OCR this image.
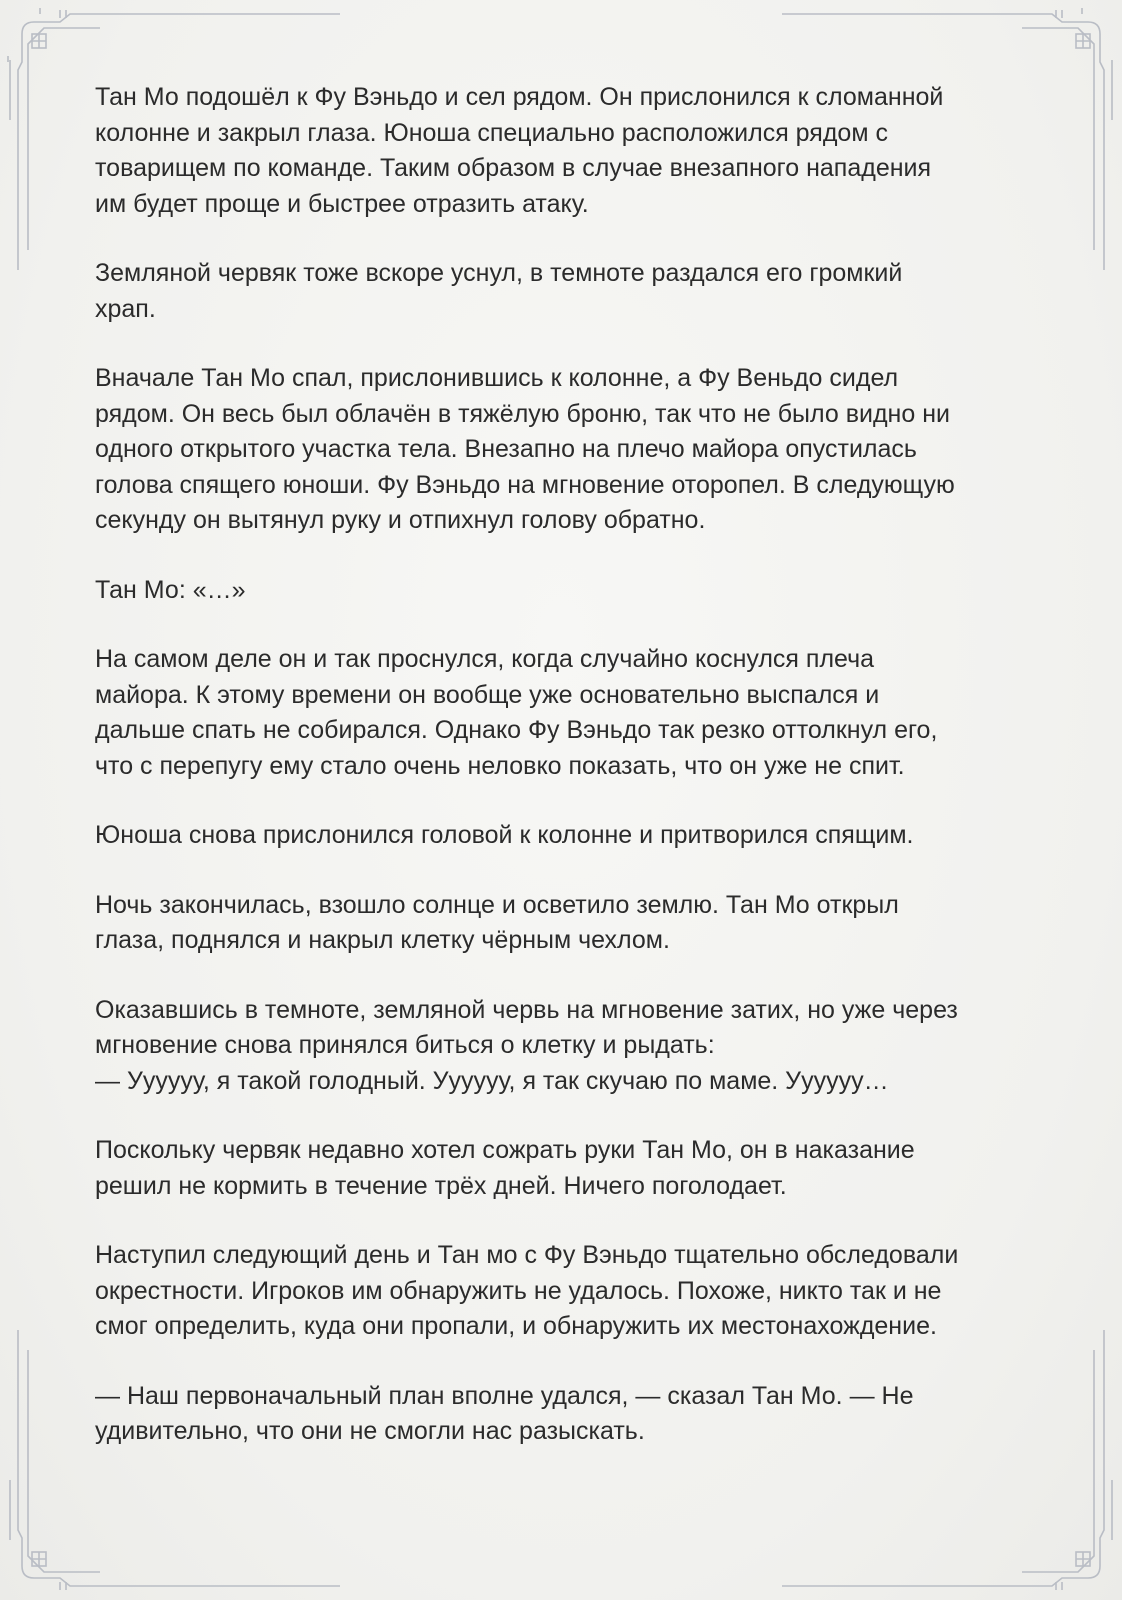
Тан Мо подошёл к Фу Вэньдо и сел рядом. Он прислонился к сломанной
колонне и закрыл глаза. Юноша специально расположился рядом с
товарищем по команде. Таким образом в случае внезапного нападения
им будет проще и быстрее отразить атаку.

Земляной червяк тоже вскоре уснул, в темноте раздался его громкий
храп.

Вначале Тан Мо спал, прислонившись к колонне, а Фу Веньдо сидел
рядом. Он весь был облачён в тяжёлую броню, так что не было видно ни
одного открытого участка тела. Внезапно на плечо майора опустилась
голова спящего юноши. Фу Вэньдо на мгновение оторопел. В следующую
секунду он вытянул руку и отпихнул голову обратно.

Тан Мо: «…»

На самом деле он и так проснулся, когда случайно коснулся плеча
майора. К этому времени он вообще уже основательно выспался и
дальше спать не собирался. Однако Фу Вэньдо так резко оттолкнул его,
что с перепугу ему стало очень неловко показать, что он уже не спит.

Юноша снова прислонился головой к колонне и притворился спящим.

Ночь закончилась, взошло солнце и осветило землю. Тан Мо открыл
глаза, поднялся и накрыл клетку чёрным чехлом.

Оказавшись в темноте, земляной червь на мгновение затих, но уже через
мгновение снова принялся биться о клетку и рыдать:
— Уууууу, я такой голодный. Уууууу, я так скучаю по маме. Уууууу…

Поскольку червяк недавно хотел сожрать руки Тан Мо, он в наказание
решил не кормить в течение трёх дней. Ничего поголодает.

Наступил следующий день и Тан мо с Фу Вэньдо тщательно обследовали
окрестности. Игроков им обнаружить не удалось. Похоже, никто так и не
смог определить, куда они пропали, и обнаружить их местонахождение.

— Наш первоначальный план вполне удался, — сказал Тан Мо. — Не
удивительно, что они не смогли нас разыскать.
